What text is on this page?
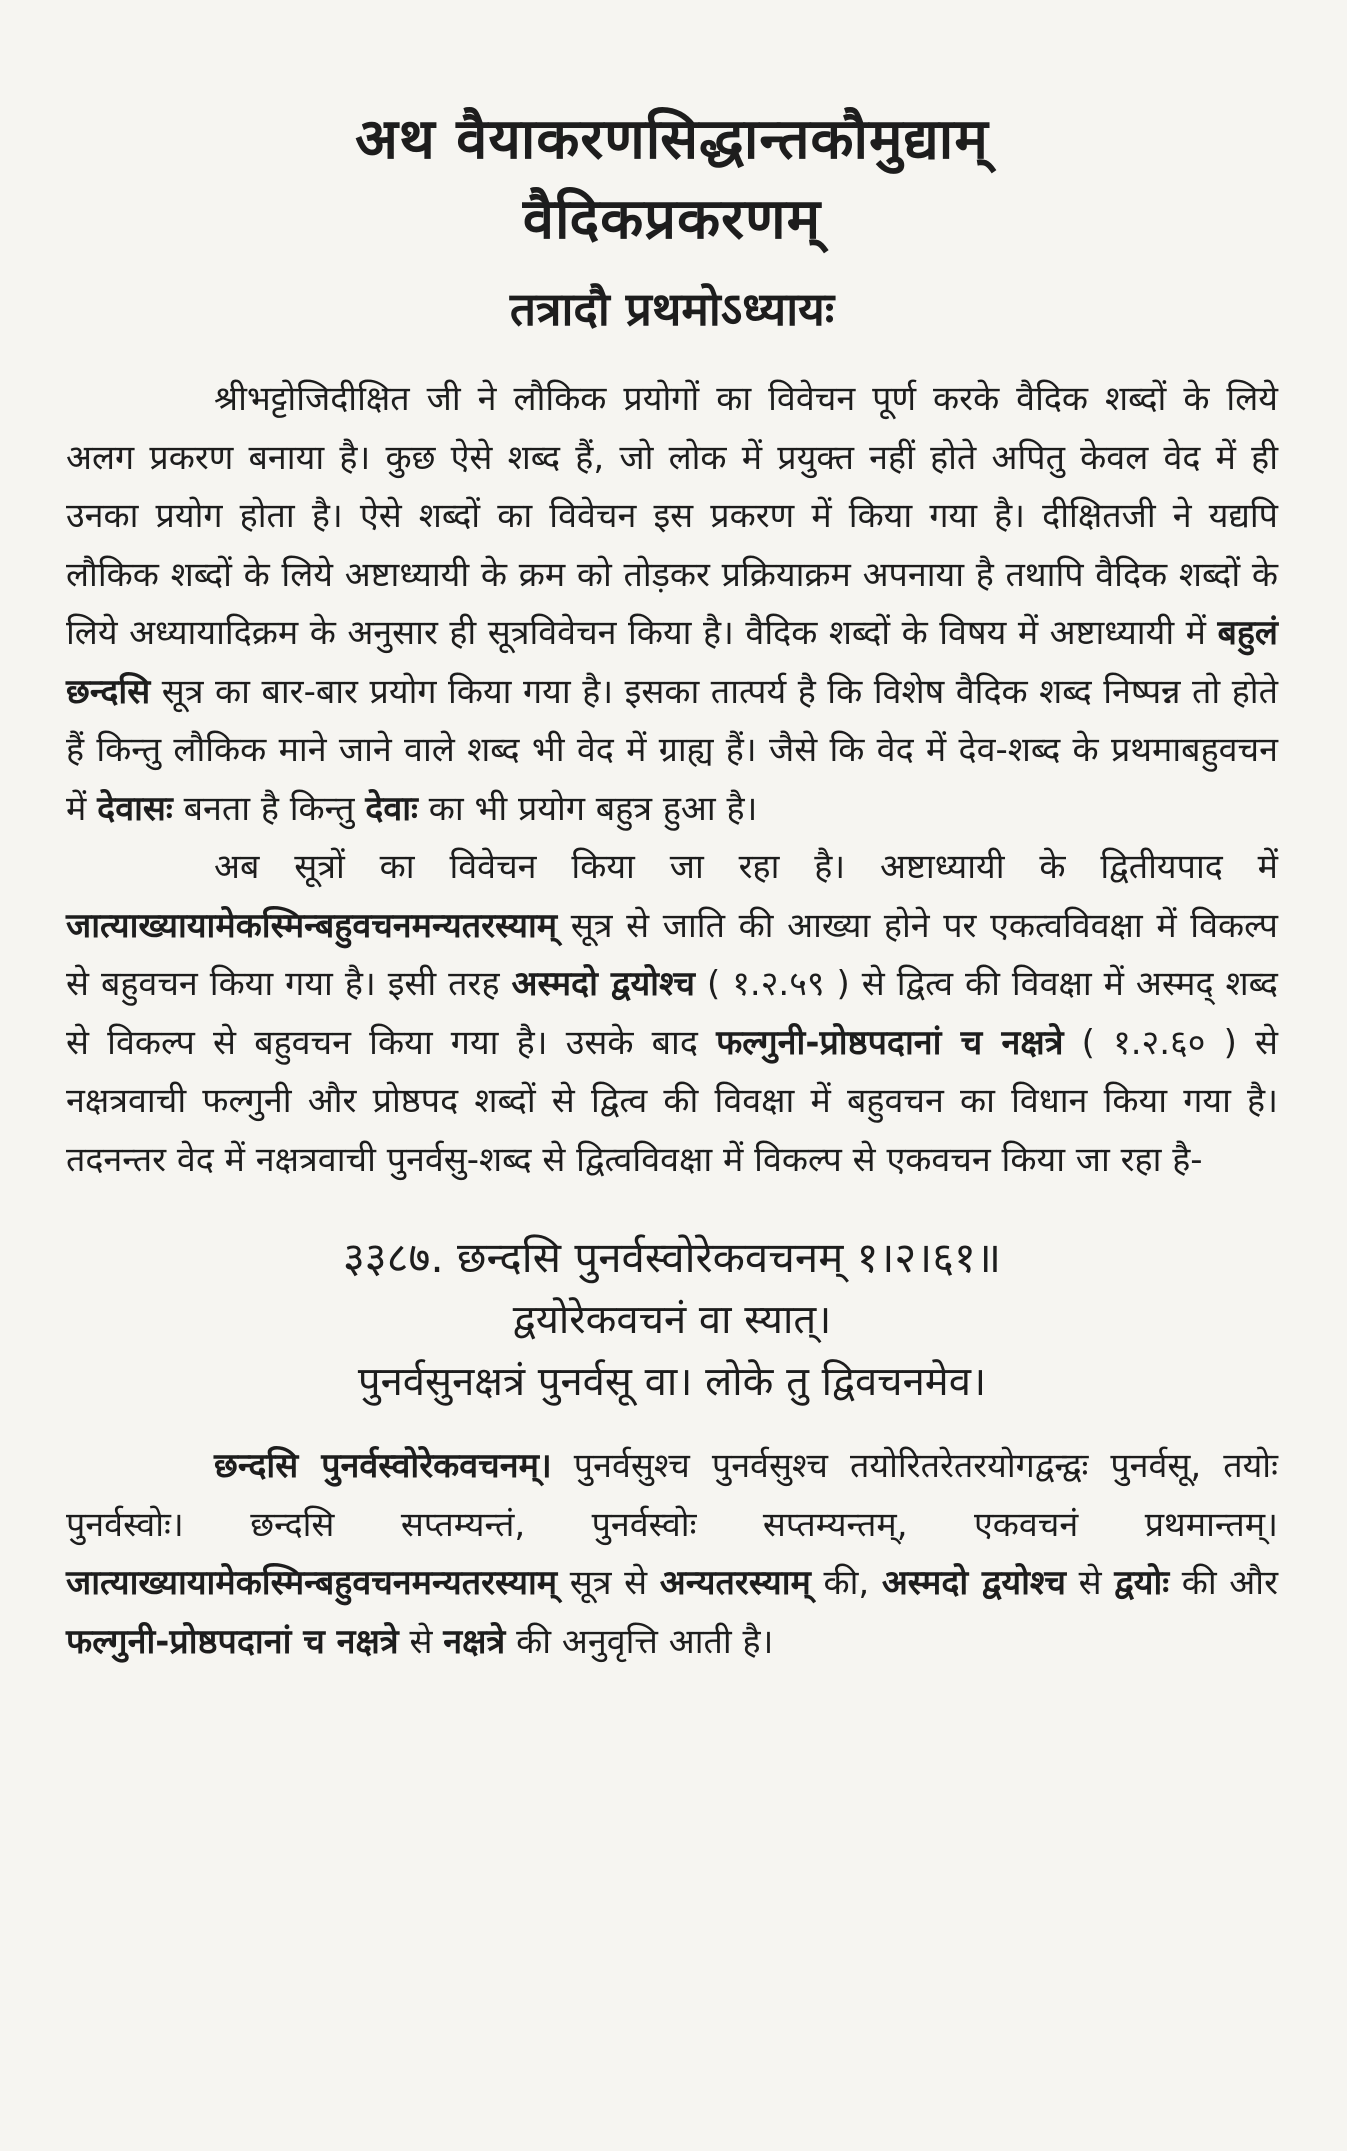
अथ वैयाकरणसिद्धान्तकौमुद्याम्
वैदिकप्रकरणम्
तत्रादौ प्रथमोऽध्यायः

श्रीभट्टोजिदीक्षित जी ने लौकिक प्रयोगों का विवेचन पूर्ण करके वैदिक शब्दों के लिये अलग प्रकरण बनाया है। कुछ ऐसे शब्द हैं, जो लोक में प्रयुक्त नहीं होते अपितु केवल वेद में ही उनका प्रयोग होता है। ऐसे शब्दों का विवेचन इस प्रकरण में किया गया है। दीक्षितजी ने यद्यपि लौकिक शब्दों के लिये अष्टाध्यायी के क्रम को तोड़कर प्रक्रियाक्रम अपनाया है तथापि वैदिक शब्दों के लिये अध्यायादिक्रम के अनुसार ही सूत्रविवेचन किया है। वैदिक शब्दों के विषय में अष्टाध्यायी में बहुलं छन्दसि सूत्र का बार-बार प्रयोग किया गया है। इसका तात्पर्य है कि विशेष वैदिक शब्द निष्पन्न तो होते हैं किन्तु लौकिक माने जाने वाले शब्द भी वेद में ग्राह्य हैं। जैसे कि वेद में देव-शब्द के प्रथमाबहुवचन में देवासः बनता है किन्तु देवाः का भी प्रयोग बहुत्र हुआ है।

अब सूत्रों का विवेचन किया जा रहा है। अष्टाध्यायी के द्वितीयपाद में जात्याख्यायामेकस्मिन्बहुवचनमन्यतरस्याम् सूत्र से जाति की आख्या होने पर एकत्वविवक्षा में विकल्प से बहुवचन किया गया है। इसी तरह अस्मदो द्वयोश्च ( १.२.५९ ) से द्वित्व की विवक्षा में अस्मद् शब्द से विकल्प से बहुवचन किया गया है। उसके बाद फल्गुनी-प्रोष्ठपदानां च नक्षत्रे ( १.२.६० ) से नक्षत्रवाची फल्गुनी और प्रोष्ठपद शब्दों से द्वित्व की विवक्षा में बहुवचन का विधान किया गया है। तदनन्तर वेद में नक्षत्रवाची पुनर्वसु-शब्द से द्वित्वविवक्षा में विकल्प से एकवचन किया जा रहा है-

३३८७. छन्दसि पुनर्वस्वोरेकवचनम् १।२।६१॥

द्वयोरेकवचनं वा स्यात्।

पुनर्वसुनक्षत्रं पुनर्वसू वा। लोके तु द्विवचनमेव।

छन्दसि पुनर्वस्वोरेकवचनम्। पुनर्वसुश्च पुनर्वसुश्च तयोरितरेतरयोगद्वन्द्वः पुनर्वसू, तयोः पुनर्वस्वोः। छन्दसि सप्तम्यन्तं, पुनर्वस्वोः सप्तम्यन्तम्, एकवचनं प्रथमान्तम्। जात्याख्यायामेकस्मिन्बहुवचनमन्यतरस्याम् सूत्र से अन्यतरस्याम् की, अस्मदो द्वयोश्च से द्वयोः की और फल्गुनी-प्रोष्ठपदानां च नक्षत्रे से नक्षत्रे की अनुवृत्ति आती है।
